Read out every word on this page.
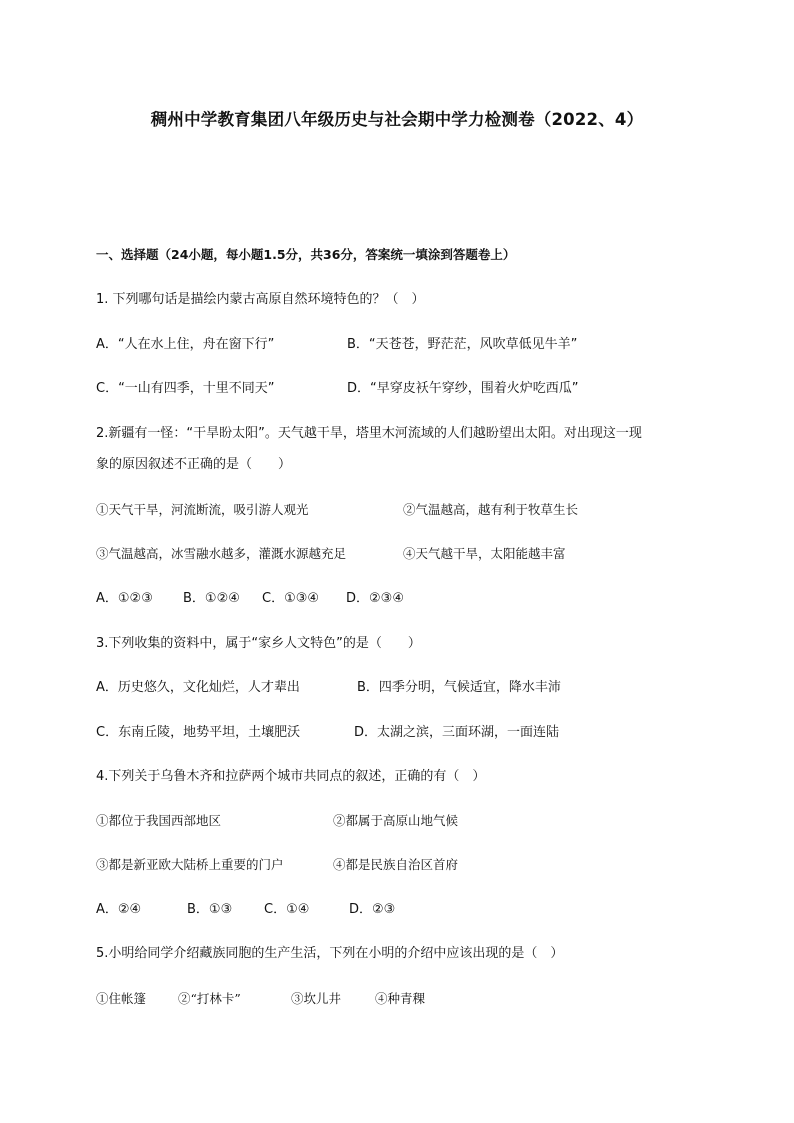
稠州中学教育集团八年级历史与社会期中学力检测卷（2022、4）
一、选择题（24小题，每小题1.5分，共36分，答案统一填涂到答题卷上）
1. 下列哪句话是描绘内蒙古高原自然环境特色的？（　）
A．“人在水上住，舟在窗下行”	B．“天苍苍，野茫茫，风吹草低见牛羊”
C．“一山有四季，十里不同天”	D．“早穿皮袄午穿纱，围着火炉吃西瓜”
2.新疆有一怪：“干旱盼太阳”。天气越干旱，塔里木河流域的人们越盼望出太阳。对出现这一现
象的原因叙述不正确的是（　　）
①天气干旱，河流断流，吸引游人观光	②气温越高，越有利于牧草生长
③气温越高，冰雪融水越多，灌溉水源越充足	④天气越干旱，太阳能越丰富
A．①②③ B．①②④ C．①③④ D．②③④
3.下列收集的资料中，属于“家乡人文特色”的是（　　）
A．历史悠久，文化灿烂，人才辈出	B．四季分明，气候适宜，降水丰沛
C．东南丘陵，地势平坦，土壤肥沃	D．太湖之滨，三面环湖，一面连陆
4.下列关于乌鲁木齐和拉萨两个城市共同点的叙述，正确的有（　）
①都位于我国西部地区	②都属于高原山地气候
③都是新亚欧大陆桥上重要的门户	④都是民族自治区首府
A．②④	B．①③ C．①④	D．②③
5.小明给同学介绍藏族同胞的生产生活，下列在小明的介绍中应该出现的是（　）
①住帐篷	②“打林卡”	③坎儿井	④种青稞
